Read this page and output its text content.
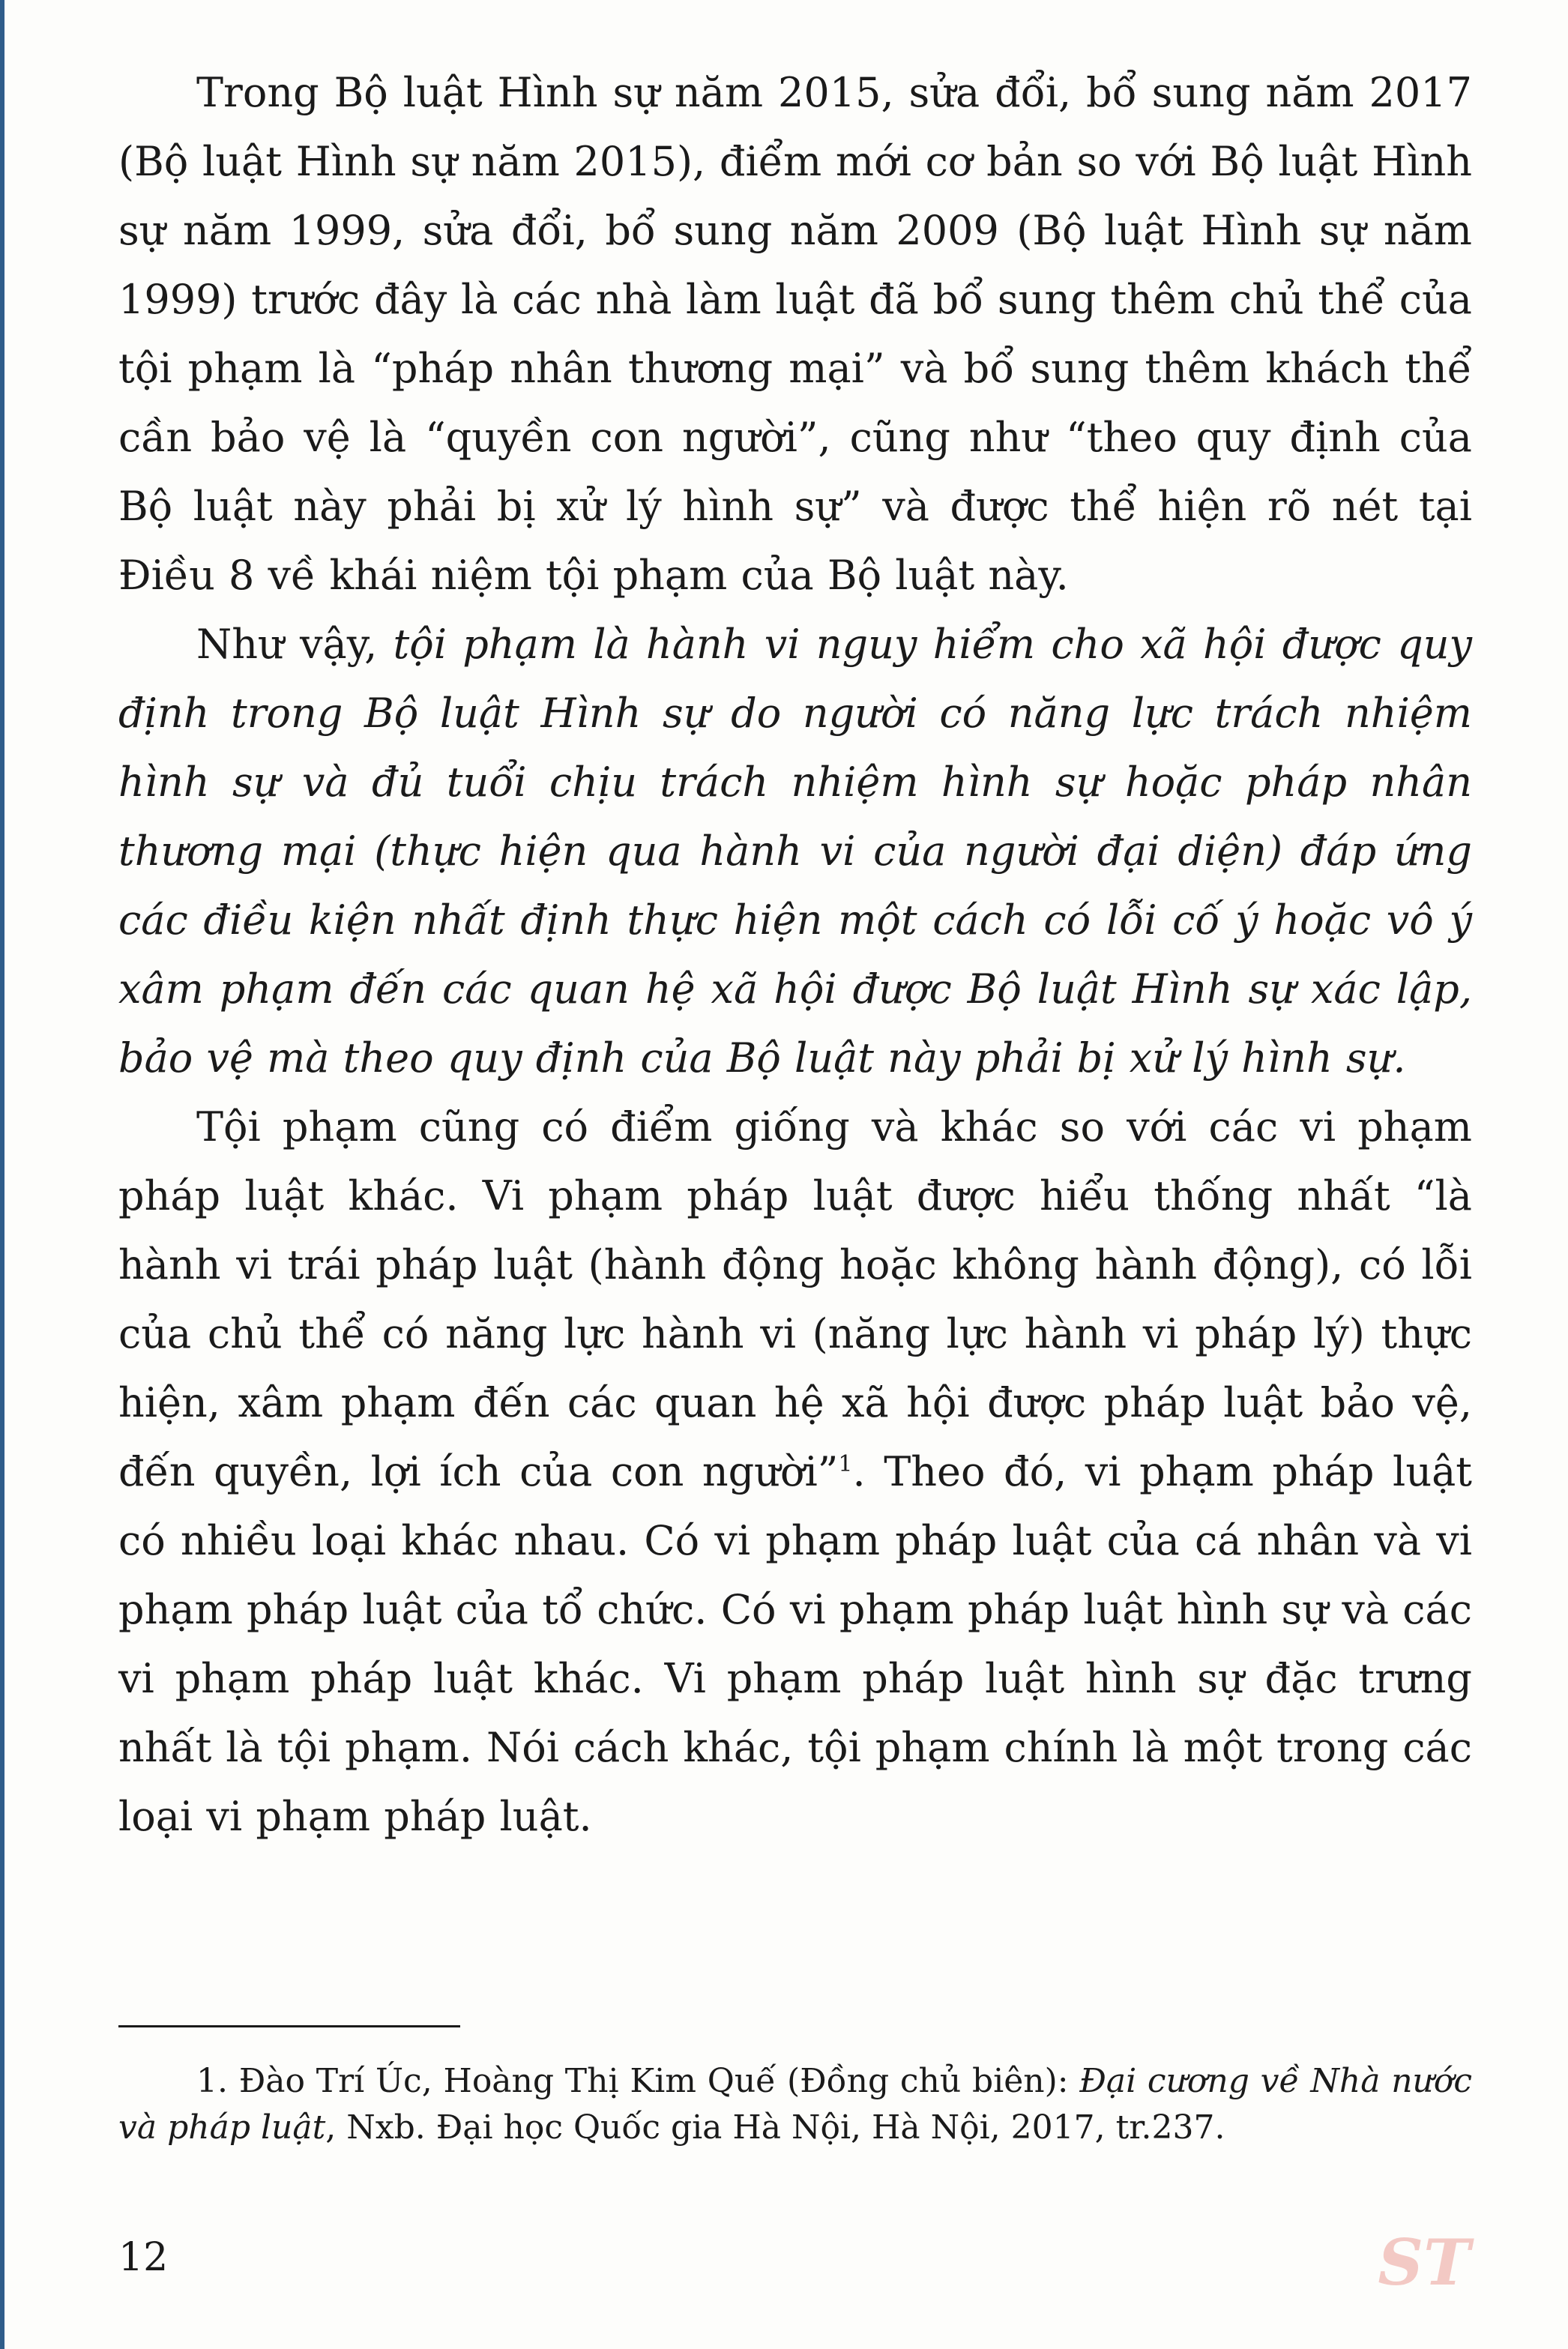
Trong Bộ luật Hình sự năm 2015, sửa đổi, bổ sung năm 2017 (Bộ luật Hình sự năm 2015), điểm mới cơ bản so với Bộ luật Hình sự năm 1999, sửa đổi, bổ sung năm 2009 (Bộ luật Hình sự năm 1999) trước đây là các nhà làm luật đã bổ sung thêm chủ thể của tội phạm là “pháp nhân thương mại” và bổ sung thêm khách thể cần bảo vệ là “quyền con người”, cũng như “theo quy định của Bộ luật này phải bị xử lý hình sự” và được thể hiện rõ nét tại Điều 8 về khái niệm tội phạm của Bộ luật này.

Như vậy, tội phạm là hành vi nguy hiểm cho xã hội được quy định trong Bộ luật Hình sự do người có năng lực trách nhiệm hình sự và đủ tuổi chịu trách nhiệm hình sự hoặc pháp nhân thương mại (thực hiện qua hành vi của người đại diện) đáp ứng các điều kiện nhất định thực hiện một cách có lỗi cố ý hoặc vô ý xâm phạm đến các quan hệ xã hội được Bộ luật Hình sự xác lập, bảo vệ mà theo quy định của Bộ luật này phải bị xử lý hình sự.

Tội phạm cũng có điểm giống và khác so với các vi phạm pháp luật khác. Vi phạm pháp luật được hiểu thống nhất “là hành vi trái pháp luật (hành động hoặc không hành động), có lỗi của chủ thể có năng lực hành vi (năng lực hành vi pháp lý) thực hiện, xâm phạm đến các quan hệ xã hội được pháp luật bảo vệ, đến quyền, lợi ích của con người”$^1$. Theo đó, vi phạm pháp luật có nhiều loại khác nhau. Có vi phạm pháp luật của cá nhân và vi phạm pháp luật của tổ chức. Có vi phạm pháp luật hình sự và các vi phạm pháp luật khác. Vi phạm pháp luật hình sự đặc trưng nhất là tội phạm. Nói cách khác, tội phạm chính là một trong các loại vi phạm pháp luật.

1. Đào Trí Úc, Hoàng Thị Kim Quế (Đồng chủ biên): Đại cương về Nhà nước và pháp luật, Nxb. Đại học Quốc gia Hà Nội, Hà Nội, 2017, tr.237.

12	ST
